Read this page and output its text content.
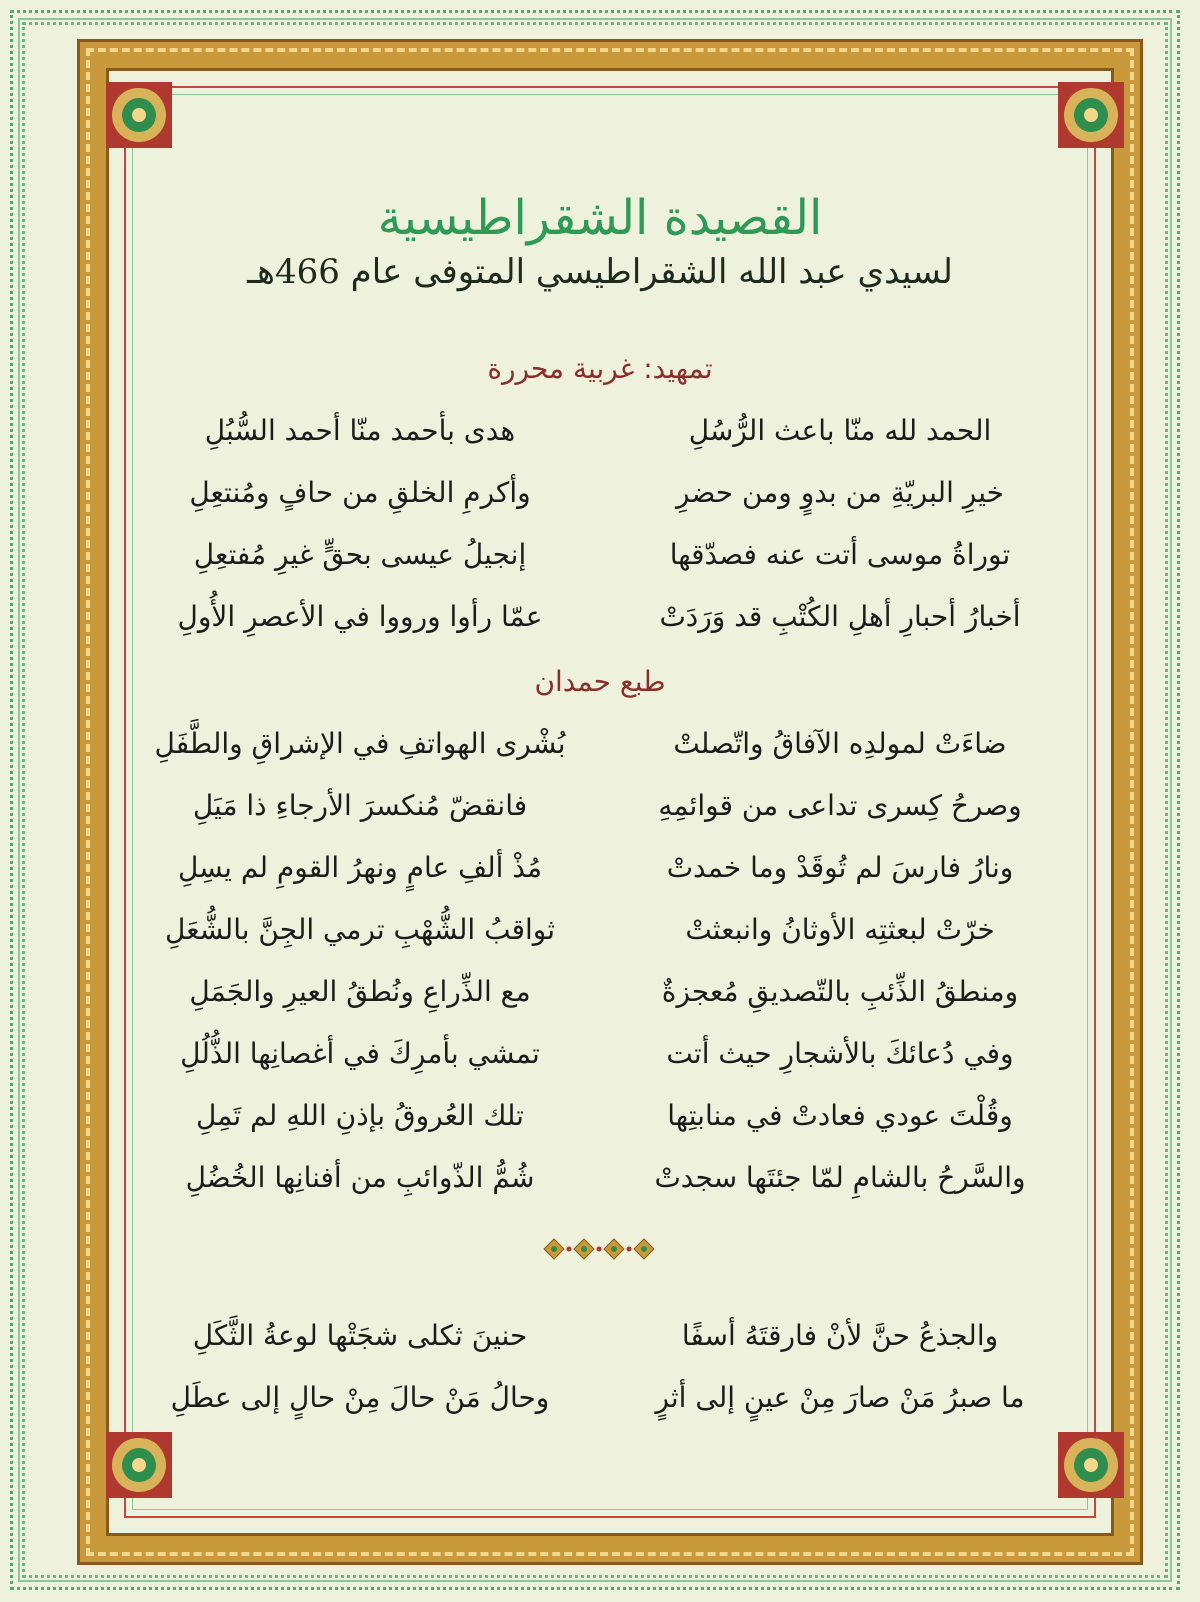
القصيدة الشقراطيسية
لسيدي عبد الله الشقراطيسي المتوفى عام 466هـ
تمهيد: غربية محررة
الحمد لله منّا باعث الرُّسُلِ
هدى بأحمد منّا أحمد السُّبُلِ
خيرِ البريّةِ من بدوٍ ومن حضرِ
وأكرمِ الخلقِ من حافٍ ومُنتعِلِ
توراةُ موسى أتت عنه فصدّقها
إنجيلُ عيسى بحقٍّ غيرِ مُفتعِلِ
أخبارُ أحبارِ أهلِ الكُتْبِ قد وَرَدَتْ
عمّا رأوا ورووا في الأعصرِ الأُولِ
طبع حمدان
ضاءَتْ لمولدِه الآفاقُ واتّصلتْ
بُشْرى الهواتفِ في الإشراقِ والطَّفَلِ
وصرحُ كِسرى تداعى من قوائمِهِ
فانقضّ مُنكسرَ الأرجاءِ ذا مَيَلِ
ونارُ فارسَ لم تُوقَدْ وما خمدتْ
مُذْ ألفِ عامٍ ونهرُ القومِ لم يسِلِ
خرّتْ لبعثتِه الأوثانُ وانبعثتْ
ثواقبُ الشُّهْبِ ترمي الجِنَّ بالشُّعَلِ
ومنطقُ الذِّئبِ بالتّصديقِ مُعجزةٌ
مع الذِّراعِ ونُطقُ العيرِ والجَمَلِ
وفي دُعائكَ بالأشجارِ حيث أتت
تمشي بأمرِكَ في أغصانِها الذُّلُلِ
وقُلْتَ عودي فعادتْ في منابتِها
تلك العُروقُ بإذنِ اللهِ لم تَمِلِ
والسَّرحُ بالشامِ لمّا جئتَها سجدتْ
شُمُّ الذّوائبِ من أفنانِها الخُضُلِ
والجذعُ حنَّ لأنْ فارقتَهُ أسفًا
حنينَ ثكلى شجَتْها لوعةُ الثَّكَلِ
ما صبرُ مَنْ صارَ مِنْ عينٍ إلى أثرٍ
وحالُ مَنْ حالَ مِنْ حالٍ إلى عطَلِ
